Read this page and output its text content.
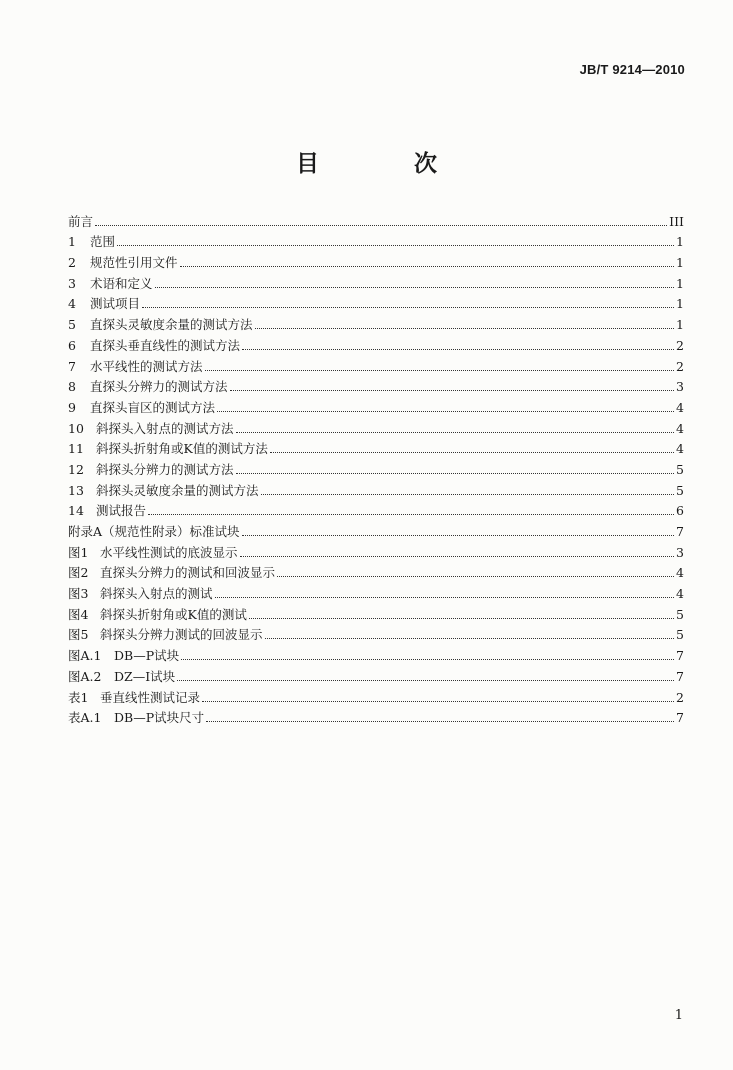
JB/T 9214—2010
目　次
前言	III
1	范围	1
2	规范性引用文件	1
3	术语和定义	1
4	测试项目	1
5	直探头灵敏度余量的测试方法	1
6	直探头垂直线性的测试方法	2
7	水平线性的测试方法	2
8	直探头分辨力的测试方法	3
9	直探头盲区的测试方法	4
10 斜探头入射点的测试方法	4
11 斜探头折射角或K值的测试方法	4
12 斜探头分辨力的测试方法	5
13 斜探头灵敏度余量的测试方法	5
14 测试报告	6
附录A（规范性附录）标准试块	7
图1 水平线性测试的底波显示	3
图2 直探头分辨力的测试和回波显示	4
图3 斜探头入射点的测试	4
图4 斜探头折射角或K值的测试	5
图5 斜探头分辨力测试的回波显示	5
图A.1	DB—P试块	7
图A.2	DZ—I试块	7
表1 垂直线性测试记录	2
表A.1	DB—P试块尺寸	7
1
